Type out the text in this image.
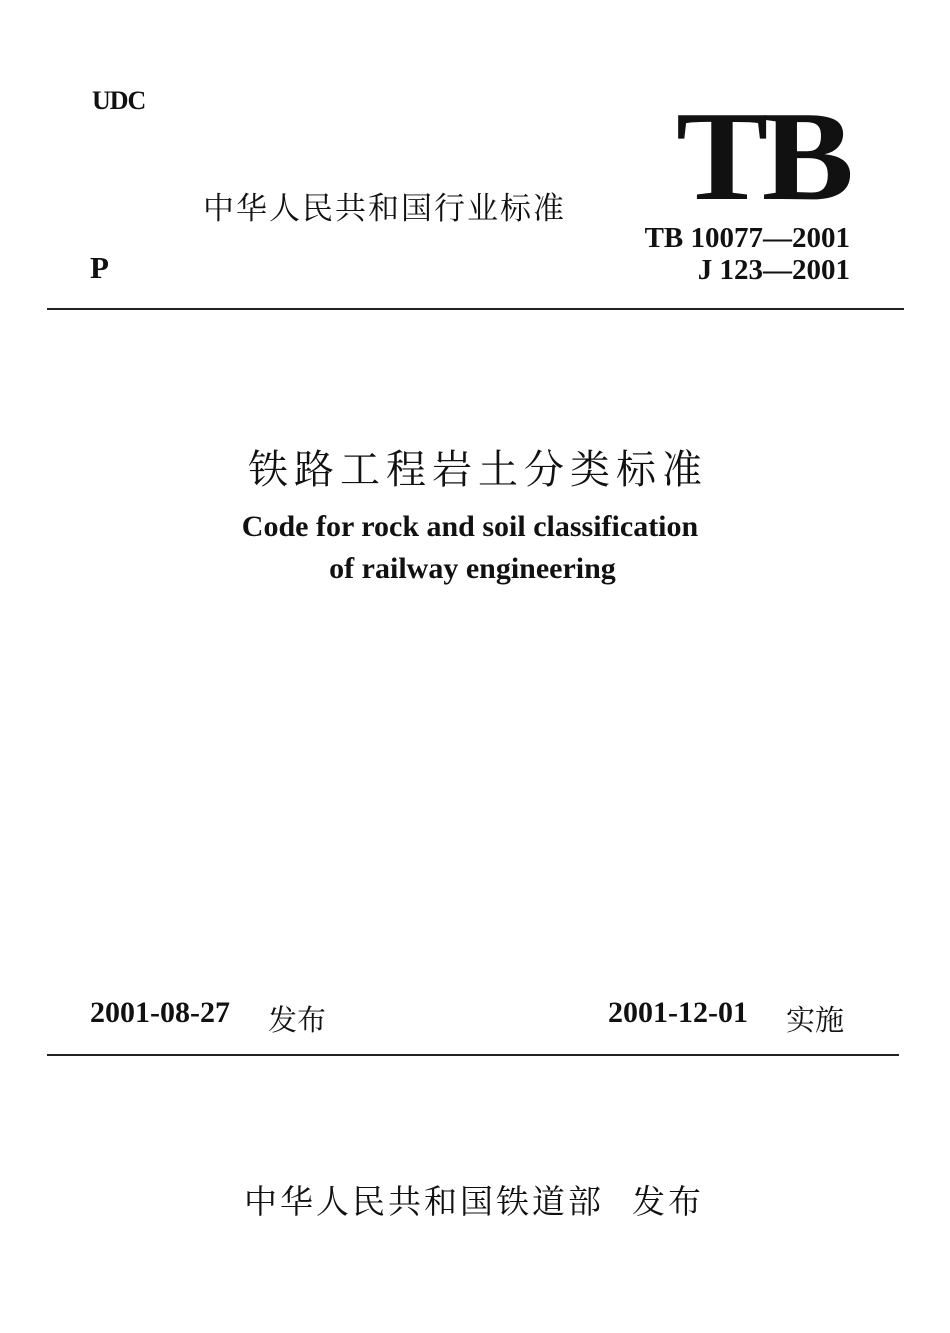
UDC	TB
中华人民共和国行业标准
P
TB 10077—2001
J 123—2001
铁路工程岩土分类标准
Code for rock and soil classification
of railway engineering
2001-08-27 发布	2001-12-01 实施
中华人民共和国铁道部 发布
